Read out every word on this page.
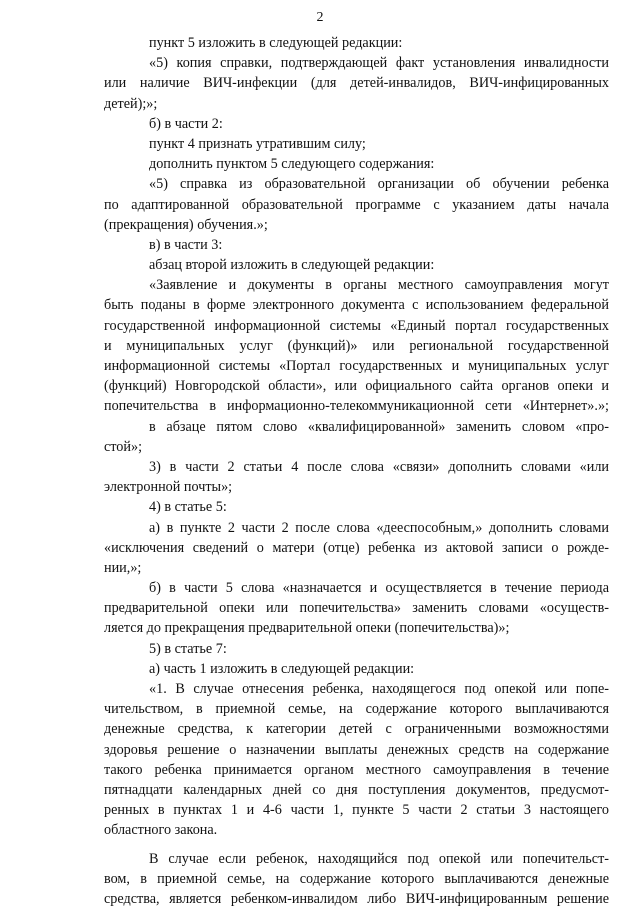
2
пункт 5 изложить в следующей редакции:
«5) копия справки, подтверждающей факт установления инвалидности
или наличие ВИЧ-инфекции (для детей-инвалидов, ВИЧ-инфицированных
детей);»;
б) в части 2:
пункт 4 признать утратившим силу;
дополнить пунктом 5 следующего содержания:
«5) справка из образовательной организации об обучении ребенка
по адаптированной образовательной программе с указанием даты начала
(прекращения) обучения.»;
в) в части 3:
абзац второй изложить в следующей редакции:
«Заявление и документы в органы местного самоуправления могут
быть поданы в форме электронного документа с использованием федеральной
государственной информационной системы «Единый портал государственных
и муниципальных услуг (функций)» или региональной государственной
информационной системы «Портал государственных и муниципальных услуг
(функций) Новгородской области», или официального сайта органов опеки и
попечительства в информационно-телекоммуникационной сети «Интернет».»;
в абзаце пятом слово «квалифицированной» заменить словом «про-
стой»;
3) в части 2 статьи 4 после слова «связи» дополнить словами «или
электронной почты»;
4) в статье 5:
а) в пункте 2 части 2 после слова «дееспособным,» дополнить словами
«исключения сведений о матери (отце) ребенка из актовой записи о рожде-
нии,»;
б) в части 5 слова «назначается и осуществляется в течение периода
предварительной опеки или попечительства» заменить словами «осуществ-
ляется до прекращения предварительной опеки (попечительства)»;
5) в статье 7:
а) часть 1 изложить в следующей редакции:
«1. В случае отнесения ребенка, находящегося под опекой или попе-
чительством, в приемной семье, на содержание которого выплачиваются
денежные средства, к категории детей с ограниченными возможностями
здоровья решение о назначении выплаты денежных средств на содержание
такого ребенка принимается органом местного самоуправления в течение
пятнадцати календарных дней со дня поступления документов, предусмот-
ренных в пунктах 1 и 4-6 части 1, пункте 5 части 2 статьи 3 настоящего
областного закона.
В случае если ребенок, находящийся под опекой или попечительст-
вом, в приемной семье, на содержание которого выплачиваются денежные
средства, является ребенком-инвалидом либо ВИЧ-инфицированным решение
